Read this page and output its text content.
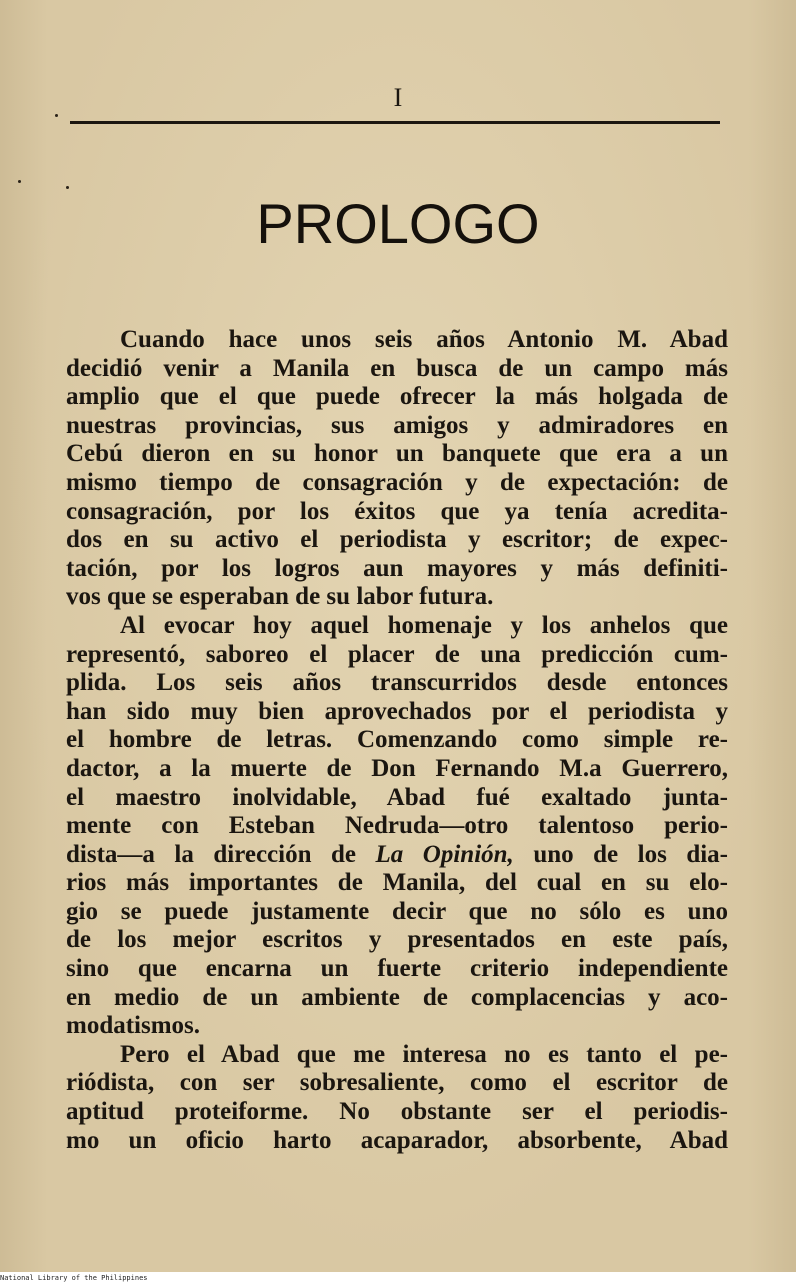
I
PROLOGO
Cuando hace unos seis años Antonio M. Abad
decidió venir a Manila en busca de un campo más
amplio que el que puede ofrecer la más holgada de
nuestras provincias, sus amigos y admiradores en
Cebú dieron en su honor un banquete que era a un
mismo tiempo de consagración y de expectación: de
consagración, por los éxitos que ya tenía acredita-
dos en su activo el periodista y escritor; de expec-
tación, por los logros aun mayores y más definiti-
vos que se esperaban de su labor futura.
Al evocar hoy aquel homenaje y los anhelos que
representó, saboreo el placer de una predicción cum-
plida. Los seis años transcurridos desde entonces
han sido muy bien aprovechados por el periodista y
el hombre de letras. Comenzando como simple re-
dactor, a la muerte de Don Fernando M.a Guerrero,
el maestro inolvidable, Abad fué exaltado junta-
mente con Esteban Nedruda—otro talentoso perio-
dista—a la dirección de La Opinión, uno de los dia-
rios más importantes de Manila, del cual en su elo-
gio se puede justamente decir que no sólo es uno
de los mejor escritos y presentados en este país,
sino que encarna un fuerte criterio independiente
en medio de un ambiente de complacencias y aco-
modatismos.
Pero el Abad que me interesa no es tanto el pe-
riódista, con ser sobresaliente, como el escritor de
aptitud proteiforme. No obstante ser el periodis-
mo un oficio harto acaparador, absorbente, Abad
National Library of the Philippines
